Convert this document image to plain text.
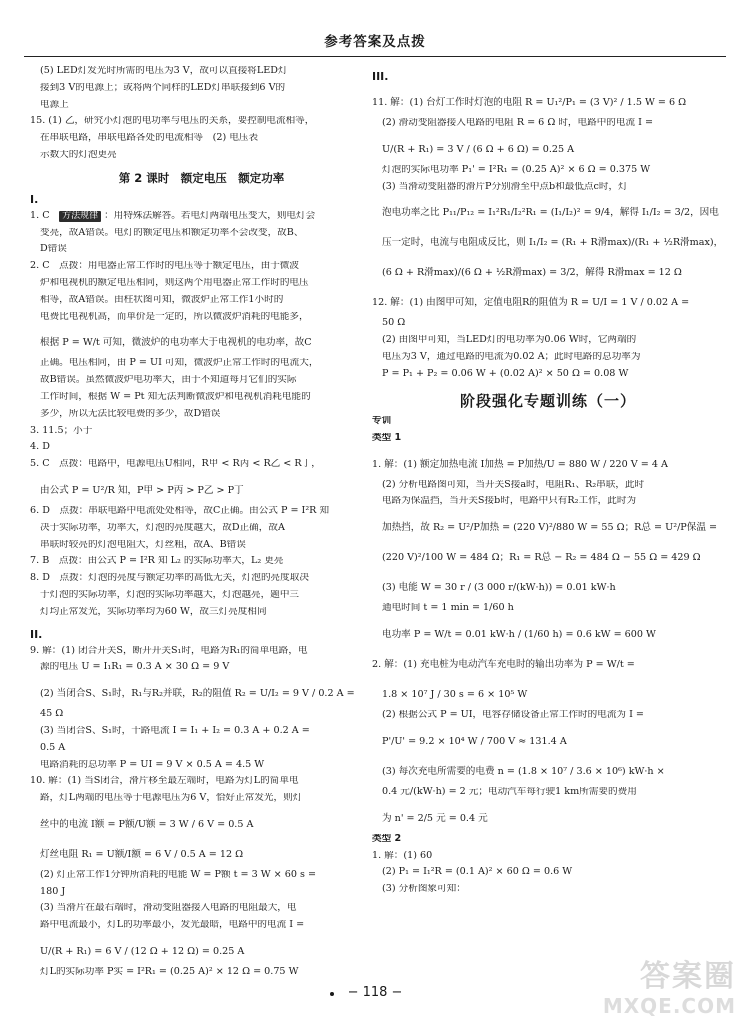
参考答案及点拨
(5) LED灯发光时所需的电压为3 V，故可以直接将LED灯
接到3 V的电源上；或将两个同样的LED灯串联接到6 V的
电源上
15. (1) 乙，研究小灯泡的电功率与电压的关系，要控制电流相等，
在串联电路，串联电路各处的电流相等　(2) 电压表
示数大的灯泡更亮
第 2 课时　额定电压　额定功率
I.
1. C　方法规律 ：用特殊法解答。若电灯两端电压变大，则电灯会
变亮，故A错误。电灯的额定电压和额定功率不会改变，故B、
D错误
2. C　点拨：用电器正常工作时的电压等于额定电压，由于微波
炉和电视机的额定电压相同，则这两个用电器正常工作时的电压
相等，故A错误。由柱状图可知，微波炉正常工作1小时的
电费比电视机高，而单价是一定的，所以微波炉消耗的电能多，
根据 P = W/t 可知，微波炉的电功率大于电视机的电功率，故C
正确。电压相同，由 P = UI 可知，微波炉正常工作时的电流大，
故B错误。虽然微波炉电功率大，由于不知道每月它们的实际
工作时间，根据 W = Pt 知无法判断微波炉和电视机消耗电能的
多少，所以无法比较电费的多少，故D错误
3. 11.5；小于
4. D
5. C　点拨：电路中，电源电压U相同，R甲 < R丙 < R乙 < R丁，
由公式 P = U²/R 知，P甲 > P丙 > P乙 > P丁
6. D　点拨：串联电路中电流处处相等，故C正确。由公式 P = I²R 知
决于实际功率，功率大，灯泡的亮度越大，故D正确，故A
串联时较亮的灯泡电阻大，灯丝粗，故A、B错误
7. B　点拨：由公式 P = I²R 知 L₂ 的实际功率大，L₂ 更亮
8. D　点拨：灯泡的亮度与额定功率的高低无关，灯泡的亮度取决
于灯泡的实际功率，灯泡的实际功率越大，灯泡越亮，题中三
灯均正常发光，实际功率均为60 W，故三灯亮度相同
II.
9. 解：(1) 闭合开关S，断开开关S₁时，电路为R₁的简单电路，电
源的电压 U = I₁R₁ = 0.3 A × 30 Ω = 9 V
(2) 当闭合S、S₁时，R₁与R₂并联，R₂的阻值 R₂ = U/I₂ = 9 V / 0.2 A =
45 Ω
(3) 当闭合S、S₁时，干路电流 I = I₁ + I₂ = 0.3 A + 0.2 A =
0.5 A
电路消耗的总功率 P = UI = 9 V × 0.5 A = 4.5 W
10. 解：(1) 当S闭合，滑片移至最左端时，电路为灯L的简单电
路，灯L两端的电压等于电源电压为6 V，恰好正常发光，则灯
丝中的电流 I额 = P额/U额 = 3 W / 6 V = 0.5 A
灯丝电阻 R₁ = U额/I额 = 6 V / 0.5 A = 12 Ω
(2) 灯正常工作1分钟所消耗的电能 W = P额 t = 3 W × 60 s =
180 J
(3) 当滑片在最右端时，滑动变阻器接入电路的电阻最大，电
路中电流最小，灯L的功率最小，发光最暗，电路中的电流 I =
U/(R + R₁) = 6 V / (12 Ω + 12 Ω) = 0.25 A
灯L的实际功率 P实 = I²R₁ = (0.25 A)² × 12 Ω = 0.75 W
III.
11. 解：(1) 台灯工作时灯泡的电阻 R = U₁²/P₁ = (3 V)² / 1.5 W = 6 Ω
(2) 滑动变阻器接入电路的电阻 R = 6 Ω 时，电路中的电流 I =
U/(R + R₁) = 3 V / (6 Ω + 6 Ω) = 0.25 A
灯泡的实际电功率 P₁' = I²R₁ = (0.25 A)² × 6 Ω = 0.375 W
(3) 当滑动变阻器的滑片P分别滑至中点b和最低点c时，灯
泡电功率之比 P₁₁/P₁₂ = I₁²R₁/I₂²R₁ = (I₁/I₂)² = 9/4，解得 I₁/I₂ = 3/2，因电
压一定时，电流与电阻成反比，则 I₁/I₂ = (R₁ + R滑max)/(R₁ + ½R滑max)，
(6 Ω + R滑max)/(6 Ω + ½R滑max) = 3/2，解得 R滑max = 12 Ω
12. 解：(1) 由图甲可知，定值电阻R的阻值为 R = U/I = 1 V / 0.02 A =
50 Ω
(2) 由图甲可知，当LED灯的电功率为0.06 W时，它两端的
电压为3 V，通过电路的电流为0.02 A；此时电路的总功率为
P = P₁ + P₂ = 0.06 W + (0.02 A)² × 50 Ω = 0.08 W
阶段强化专题训练（一）
专训
类型 1
1. 解：(1) 额定加热电流 I加热 = P加热/U = 880 W / 220 V = 4 A
(2) 分析电路图可知，当开关S接a时，电阻R₁、R₂串联，此时
电路为保温挡，当开关S接b时，电路中只有R₂工作，此时为
加热挡，故 R₂ = U²/P加热 = (220 V)²/880 W = 55 Ω；R总 = U²/P保温 =
(220 V)²/100 W = 484 Ω；R₁ = R总 − R₂ = 484 Ω − 55 Ω = 429 Ω
(3) 电能 W = 30 r / (3 000 r/(kW·h)) = 0.01 kW·h
通电时间 t = 1 min = 1/60 h
电功率 P = W/t = 0.01 kW·h / (1/60 h) = 0.6 kW = 600 W
2. 解：(1) 充电桩为电动汽车充电时的输出功率为 P = W/t =
1.8 × 10⁷ J / 30 s = 6 × 10⁵ W
(2) 根据公式 P = UI，电容存储设备正常工作时的电流为 I =
P'/U' = 9.2 × 10⁴ W / 700 V ≈ 131.4 A
(3) 每次充电所需要的电费 n = (1.8 × 10⁷ / 3.6 × 10⁶) kW·h ×
0.4 元/(kW·h) = 2 元；电动汽车每行驶1 km所需要的费用
为 n' = 2/5 元 = 0.4 元
类型 2
1. 解：(1) 60
(2) P₁ = I₁²R = (0.1 A)² × 60 Ω = 0.6 W
(3) 分析图象可知：
− 118 −	答案圈
MXQE.COM
